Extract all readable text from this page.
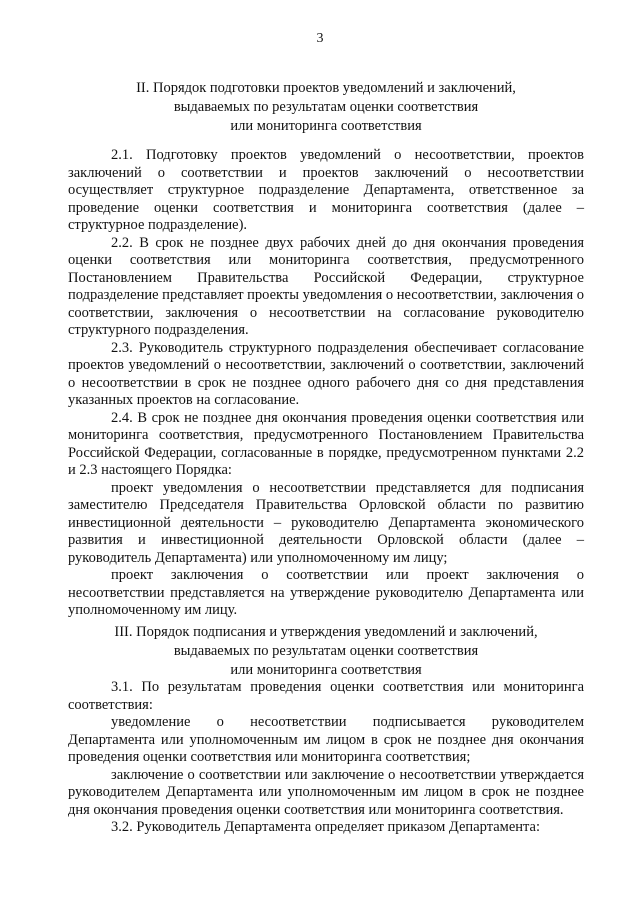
3
II. Порядок подготовки проектов уведомлений и заключений,
выдаваемых по результатам оценки соответствия
или мониторинга соответствия

2.1. Подготовку проектов уведомлений о несоответствии, проектов заключений о соответствии и проектов заключений о несоответствии осуществляет структурное подразделение Департамента, ответственное за проведение оценки соответствия и мониторинга соответствия (далее – структурное подразделение).

2.2. В срок не позднее двух рабочих дней до дня окончания проведения оценки соответствия или мониторинга соответствия, предусмотренного Постановлением Правительства Российской Федерации, структурное подразделение представляет проекты уведомления о несоответствии, заключения о соответствии, заключения о несоответствии на согласование руководителю структурного подразделения.

2.3. Руководитель структурного подразделения обеспечивает согласование проектов уведомлений о несоответствии, заключений о соответствии, заключений о несоответствии в срок не позднее одного рабочего дня со дня представления указанных проектов на согласование.

2.4. В срок не позднее дня окончания проведения оценки соответствия или мониторинга соответствия, предусмотренного Постановлением Правительства Российской Федерации, согласованные в порядке, предусмотренном пунктами 2.2 и 2.3 настоящего Порядка:

проект уведомления о несоответствии представляется для подписания заместителю Председателя Правительства Орловской области по развитию инвестиционной деятельности – руководителю Департамента экономического развития и инвестиционной деятельности Орловской области (далее – руководитель Департамента) или уполномоченному им лицу;

проект заключения о соответствии или проект заключения о несоответствии представляется на утверждение руководителю Департамента или уполномоченному им лицу.

III. Порядок подписания и утверждения уведомлений и заключений,
выдаваемых по результатам оценки соответствия
или мониторинга соответствия

3.1. По результатам проведения оценки соответствия или мониторинга соответствия:

уведомление о несоответствии подписывается руководителем Департамента или уполномоченным им лицом в срок не позднее дня окончания проведения оценки соответствия или мониторинга соответствия;

заключение о соответствии или заключение о несоответствии утверждается руководителем Департамента или уполномоченным им лицом в срок не позднее дня окончания проведения оценки соответствия или мониторинга соответствия.

3.2. Руководитель Департамента определяет приказом Департамента:
